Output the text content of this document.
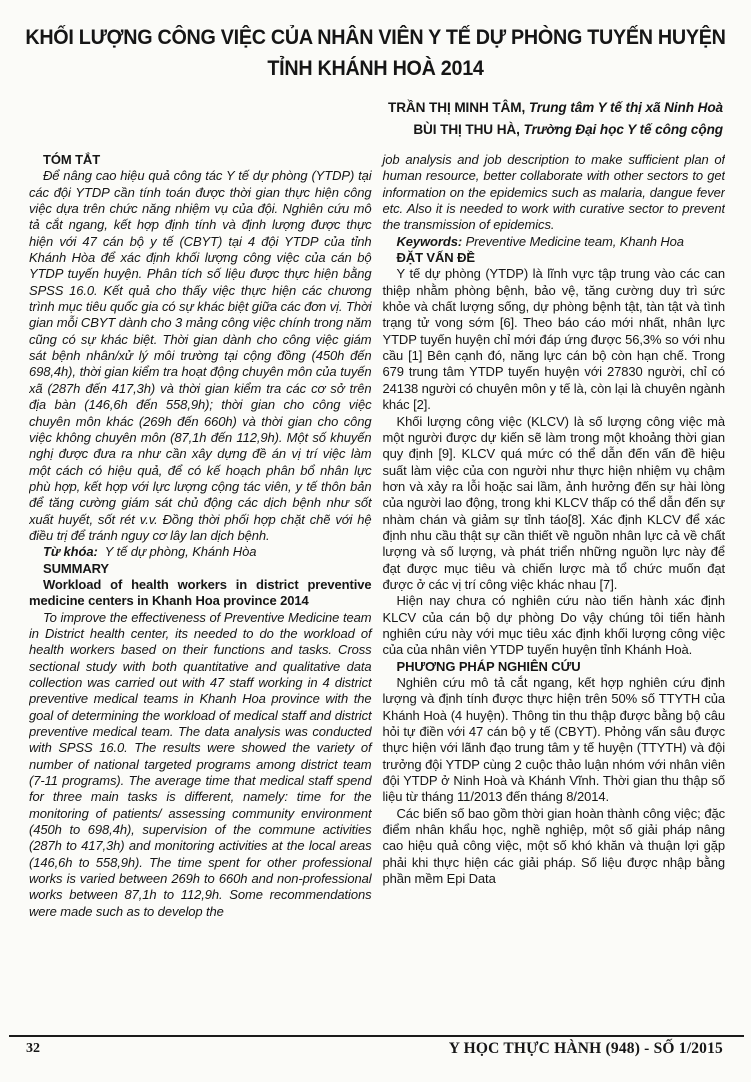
KHỐI LƯỢNG CÔNG VIỆC CỦA NHÂN VIÊN Y TẾ DỰ PHÒNG TUYẾN HUYỆN
TỈNH KHÁNH HOÀ 2014
TRẦN THỊ MINH TÂM, Trung tâm Y tế thị xã Ninh Hoà
BÙI THỊ THU HÀ, Trường Đại học Y tế công cộng
TÓM TẮT

Để nâng cao hiệu quả công tác Y tế dự phòng (YTDP) tại các đội YTDP cần tính toán được thời gian thực hiện công việc dựa trên chức năng nhiệm vụ của đội. Nghiên cứu mô tả cắt ngang, kết hợp định tính và định lượng được thực hiện với 47 cán bộ y tế (CBYT) tại 4 đội YTDP của tỉnh Khánh Hòa để xác định khối lượng công việc của cán bộ YTDP tuyến huyện. Phân tích số liệu được thực hiện bằng SPSS 16.0. Kết quả cho thấy việc thực hiện các chương trình mục tiêu quốc gia có sự khác biệt giữa các đơn vị. Thời gian mỗi CBYT dành cho 3 mảng công việc chính trong năm cũng có sự khác biệt. Thời gian dành cho công việc giám sát bệnh nhân/xử lý môi trường tại cộng đồng (450h đến 698,4h), thời gian kiểm tra hoạt động chuyên môn của tuyến xã (287h đến 417,3h) và thời gian kiểm tra các cơ sở trên địa bàn (146,6h đến 558,9h); thời gian cho công việc chuyên môn khác (269h đến 660h) và thời gian cho công việc không chuyên môn (87,1h đến 112,9h). Một số khuyến nghị được đưa ra như cần xây dựng đề án vị trí việc làm một cách có hiệu quả, để có kế hoạch phân bổ nhân lực phù hợp, kết hợp với lực lượng cộng tác viên, y tế thôn bản để tăng cường giám sát chủ động các dịch bệnh như sốt xuất huyết, sốt rét v.v. Đồng thời phối hợp chặt chẽ với hệ điều trị để tránh nguy cơ lây lan dịch bệnh.

Từ khóa: Y tế dự phòng, Khánh Hòa

SUMMARY

Workload of health workers in district preventive medicine centers in Khanh Hoa province 2014

To improve the effectiveness of Preventive Medicine team in District health center, its needed to do the workload of health workers based on their functions and tasks. Cross sectional study with both quantitative and qualitative data collection was carried out with 47 staff working in 4 district preventive medical teams in Khanh Hoa province with the goal of determining the workload of medical staff and district preventive medical team. The data analysis was conducted with SPSS 16.0. The results were showed the variety of number of national targeted programs among district team (7-11 programs). The average time that medical staff spend for three main tasks is different, namely: time for the monitoring of patients/ assessing community environment (450h to 698,4h), supervision of the commune activities (287h to 417,3h) and monitoring activities at the local areas (146,6h to 558,9h). The time spent for other professional works is varied between 269h to 660h and non-professional works between 87,1h to 112,9h. Some recommendations were made such as to develop the

job analysis and job description to make sufficient plan of human resource, better collaborate with other sectors to get information on the epidemics such as malaria, dangue fever etc. Also it is needed to work with curative sector to prevent the transmission of epidemics.

Keywords: Preventive Medicine team, Khanh Hoa

ĐẶT VẤN ĐỀ

Y tế dự phòng (YTDP) là lĩnh vực tập trung vào các can thiệp nhằm phòng bệnh, bảo vệ, tăng cường duy trì sức khỏe và chất lượng sống, dự phòng bệnh tật, tàn tật và tình trạng tử vong sớm [6]. Theo báo cáo mới nhất, nhân lực YTDP tuyến huyện chỉ mới đáp ứng được 56,3% so với nhu cầu [1] Bên cạnh đó, năng lực cán bộ còn hạn chế. Trong 679 trung tâm YTDP tuyến huyện với 27830 người, chỉ có 24138 người có chuyên môn y tế là, còn lại là chuyên ngành khác [2].

Khối lượng công việc (KLCV) là số lượng công việc mà một người được dự kiến sẽ làm trong một khoảng thời gian quy định [9]. KLCV quá mức có thể dẫn đến vấn đề hiệu suất làm việc của con người như thực hiện nhiệm vụ chậm hơn và xảy ra lỗi hoặc sai lầm, ảnh hưởng đến sự hài lòng của người lao động, trong khi KLCV thấp có thể dẫn đến sự nhàm chán và giảm sự tỉnh táo[8]. Xác định KLCV để xác định nhu cầu thật sự cần thiết về nguồn nhân lực cả về chất lượng và số lượng, và phát triển những nguồn lực này để đạt được mục tiêu và chiến lược mà tổ chức muốn đạt được ở các vị trí công việc khác nhau [7].

Hiện nay chưa có nghiên cứu nào tiến hành xác định KLCV của cán bộ dự phòng Do vậy chúng tôi tiến hành nghiên cứu này với mục tiêu xác định khối lượng công việc của của nhân viên YTDP tuyến huyện tỉnh Khánh Hoà.

PHƯƠNG PHÁP NGHIÊN CỨU

Nghiên cứu mô tả cắt ngang, kết hợp nghiên cứu định lượng và định tính được thực hiện trên 50% số TTYTH của Khánh Hoà (4 huyện). Thông tin thu thập được bằng bộ câu hỏi tự điền với 47 cán bộ y tế (CBYT). Phỏng vấn sâu được thực hiện với lãnh đạo trung tâm y tế huyện (TTYTH) và đội trưởng đội YTDP cùng 2 cuộc thảo luận nhóm với nhân viên đội YTDP ở Ninh Hoà và Khánh Vĩnh. Thời gian thu thập số liệu từ tháng 11/2013 đến tháng 8/2014.

Các biến số bao gồm thời gian hoàn thành công việc; đặc điểm nhân khẩu học, nghề nghiệp, một số giải pháp nâng cao hiệu quả công việc, một số khó khăn và thuận lợi gặp phải khi thực hiện các giải pháp. Số liệu được nhập bằng phần mềm Epi Data

32	Y HỌC THỰC HÀNH (948) - SỐ 1/2015
